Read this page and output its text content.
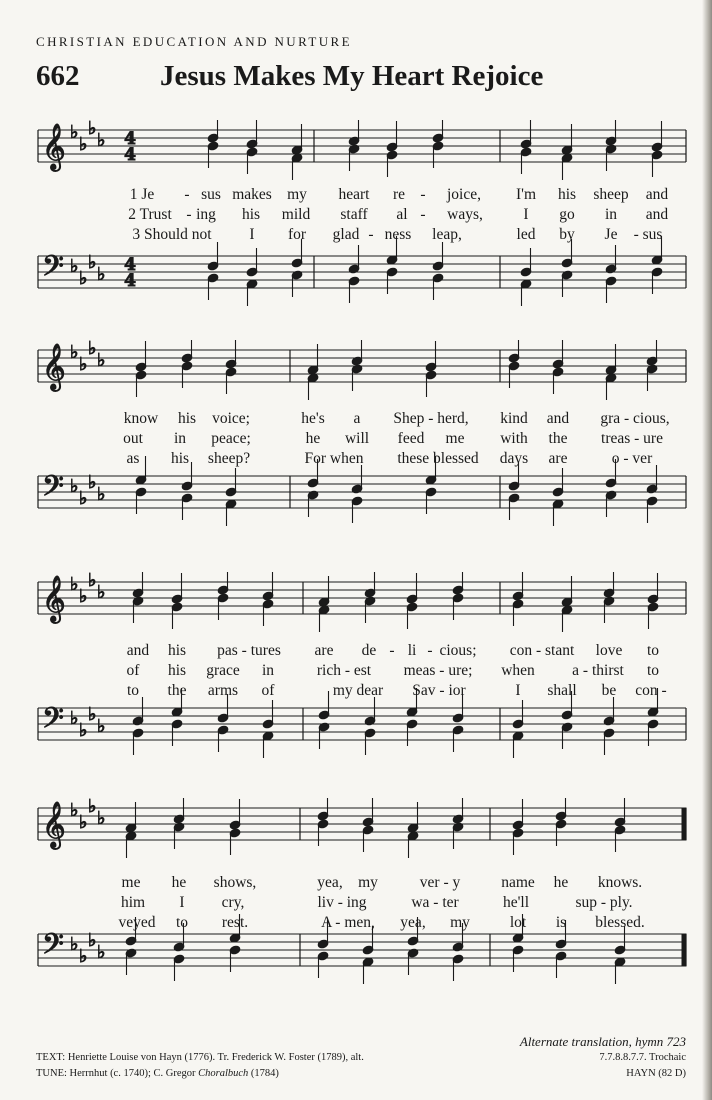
CHRISTIAN EDUCATION AND NURTURE
662	Jesus Makes My Heart Rejoice
𝄞
𝄢
♭
♭
♭
♭
♭
♭
♭
♭
4
4
4
4
𝄞
𝄢
♭
♭
♭
♭
♭
♭
♭
♭
𝄞
𝄢
♭
♭
♭
♭
♭
♭
♭
♭
𝄞
𝄢
♭
♭
♭
♭
♭
♭
♭
♭
1 Je - sus makes my heart re - joice, I'm his sheep and
2 Trust - ing his mild staff al - ways,	I go in and
3 Should not I for glad - ness leap,	led by Je - sus
know his voice;	he's a Shep - herd, kind and gra - cious,
out in peace;	he will feed me with the treas - ure
as his sheep?	For when these blessed days are	o - ver
and his pas - tures are de - li - cious; con - stant love to
of his grace in	rich - est meas - ure; when a - thirst to
to the arms of	my dear Sav - ior	I shall be con -
me he shows,	yea, my	ver - y	name he knows.
him I cry,	liv - ing	wa - ter	he'll	sup - ply.
veyed to rest.	A - men, yea, my	lot is blessed.
Alternate translation, hymn 723
TEXT: Henriette Louise von Hayn (1776). Tr. Frederick W. Foster (1789), alt.
TUNE: Herrnhut (c. 1740); C. Gregor Choralbuch (1784)
7.7.8.8.7.7. Trochaic
HAYN (82 D)
